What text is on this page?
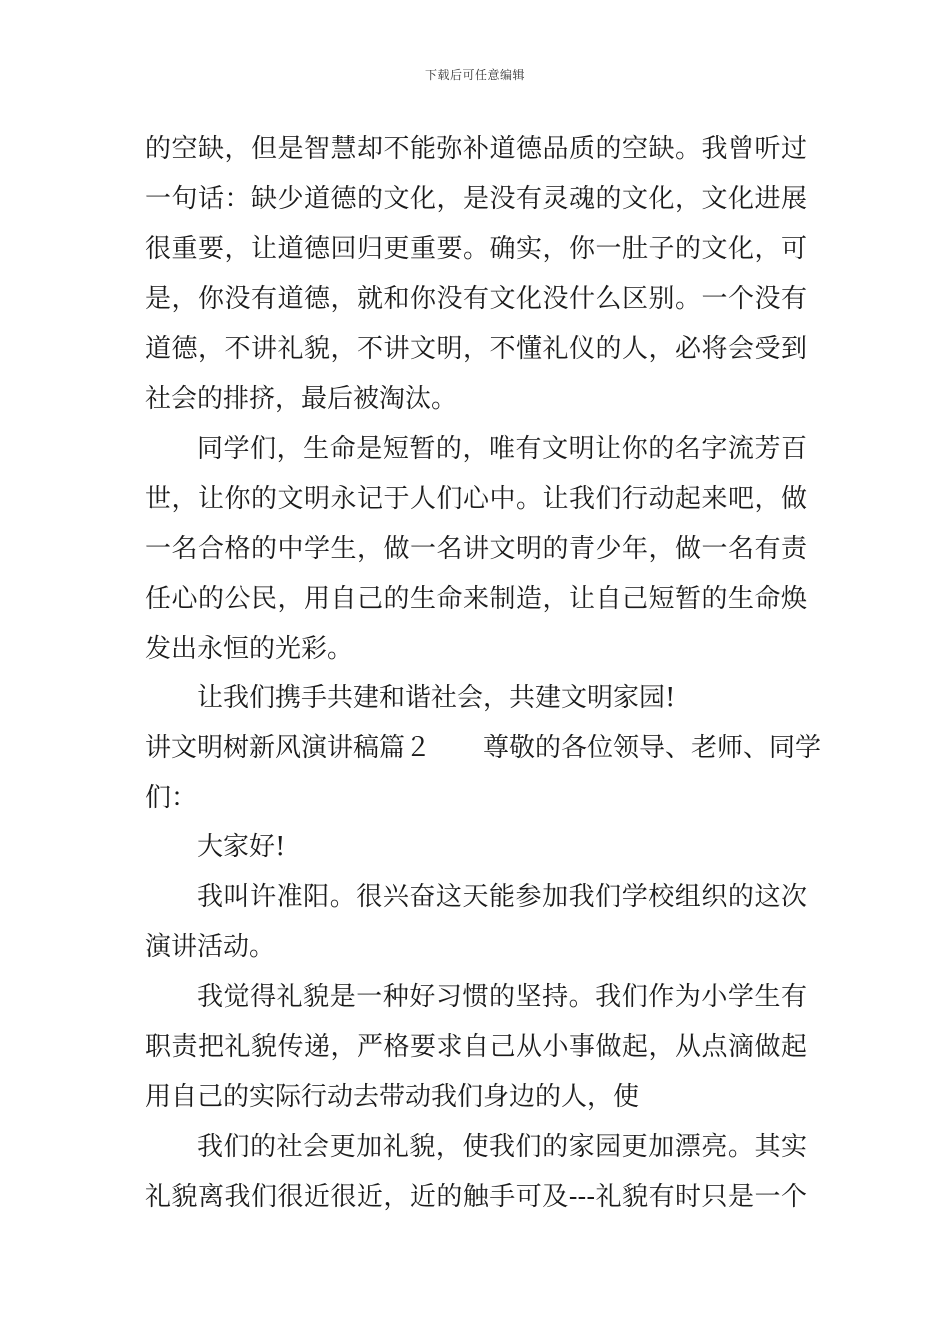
下载后可任意编辑
的空缺，但是智慧却不能弥补道德品质的空缺。我曾听过
一句话：缺少道德的文化，是没有灵魂的文化，文化进展
很重要，让道德回归更重要。确实，你一肚子的文化，可
是，你没有道德，就和你没有文化没什么区别。一个没有
道德，不讲礼貌，不讲文明，不懂礼仪的人，必将会受到
社会的排挤，最后被淘汰。
同学们，生命是短暂的，唯有文明让你的名字流芳百
世，让你的文明永记于人们心中。让我们行动起来吧，做
一名合格的中学生，做一名讲文明的青少年，做一名有责
任心的公民，用自己的生命来制造，让自己短暂的生命焕
发出永恒的光彩。
让我们携手共建和谐社会，共建文明家园!
讲文明树新风演讲稿篇２　　尊敬的各位领导、老师、同学
们：
大家好!
我叫许准阳。很兴奋这天能参加我们学校组织的这次
演讲活动。
我觉得礼貌是一种好习惯的坚持。我们作为小学生有
职责把礼貌传递，严格要求自己从小事做起，从点滴做起
用自己的实际行动去带动我们身边的人，使
我们的社会更加礼貌，使我们的家园更加漂亮。其实
礼貌离我们很近很近，近的触手可及---礼貌有时只是一个
